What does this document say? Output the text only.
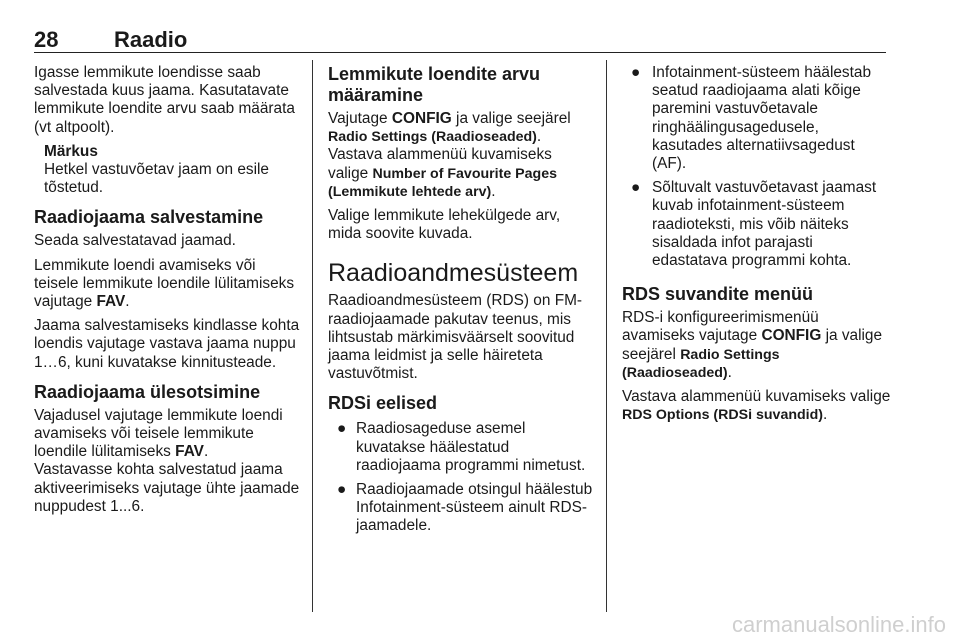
28	Raadio

Igasse lemmikute loendisse saab salvestada kuus jaama. Kasutatavate lemmikute loendite arvu saab määrata (vt altpoolt).

Märkus

Hetkel vastuvõetav jaam on esile tõstetud.

Raadiojaama salvestamine

Seada salvestatavad jaamad.

Lemmikute loendi avamiseks või teisele lemmikute loendile lülitamiseks vajutage FAV.

Jaama salvestamiseks kindlasse kohta loendis vajutage vastava jaama nuppu 1…6, kuni kuvatakse kinnitusteade.

Raadiojaama ülesotsimine

Vajadusel vajutage lemmikute loendi avamiseks või teisele lemmikute loendile lülitamiseks FAV.

Vastavasse kohta salvestatud jaama aktiveerimiseks vajutage ühte jaamade nuppudest 1...6.

Lemmikute loendite arvu määramine

Vajutage CONFIG ja valige seejärel Radio Settings (Raadioseaded).
Vastava alammenüü kuvamiseks valige Number of Favourite Pages (Lemmikute lehtede arv).

Valige lemmikute lehekülgede arv, mida soovite kuvada.

Raadioandmesüsteem

Raadioandmesüsteem (RDS) on FM-raadiojaamade pakutav teenus, mis lihtsustab märkimisväärselt soovitud jaama leidmist ja selle häireteta vastuvõtmist.

RDSi eelised
● Raadiosageduse asemel kuvatakse häälestatud raadiojaama programmi nimetust.
● Raadiojaamade otsingul häälestub Infotainment-süsteem ainult RDS-jaamadele.
● Infotainment-süsteem häälestab seatud raadiojaama alati kõige paremini vastuvõetavale ringhäälingusagedusele, kasutades alternatiivsagedust (AF).
● Sõltuvalt vastuvõetavast jaamast kuvab infotainment-süsteem raadioteksti, mis võib näiteks sisaldada infot parajasti edastatava programmi kohta.
RDS suvandite menüü

RDS-i konfigureerimismenüü avamiseks vajutage CONFIG ja valige seejärel Radio Settings (Raadioseaded).

Vastava alammenüü kuvamiseks valige RDS Options (RDSi suvandid).

carmanualsonline.info
